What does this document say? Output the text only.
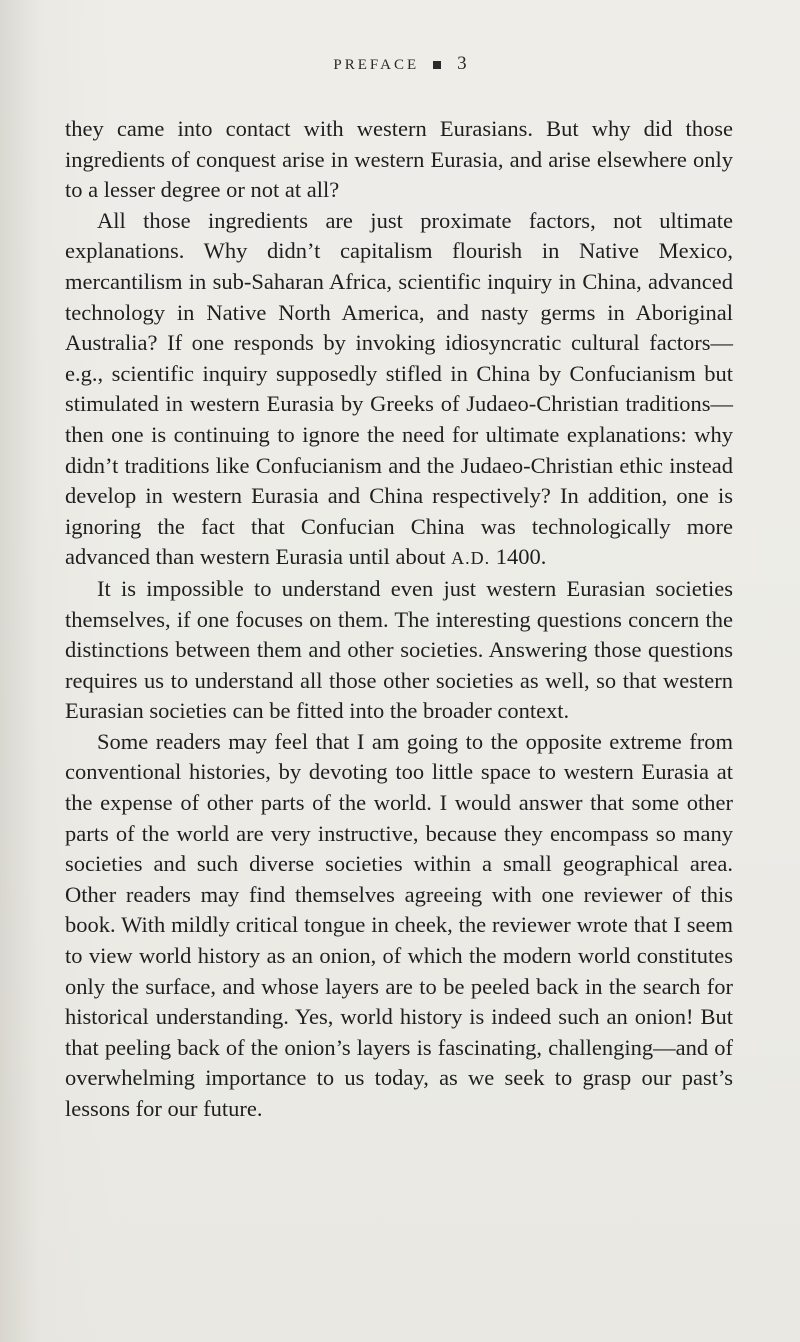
PREFACE 3

they came into contact with western Eurasians. But why did those ingredients of conquest arise in western Eurasia, and arise elsewhere only to a lesser degree or not at all?

All those ingredients are just proximate factors, not ultimate explanations. Why didn’t capitalism flourish in Native Mexico, mercantilism in sub-Saharan Africa, scientific inquiry in China, advanced technology in Native North America, and nasty germs in Aboriginal Australia? If one responds by invoking idiosyncratic cultural factors—e.g., scientific inquiry supposedly stifled in China by Confucianism but stimulated in western Eurasia by Greeks of Judaeo-Christian traditions—then one is continuing to ignore the need for ultimate explanations: why didn’t traditions like Confucianism and the Judaeo-Christian ethic instead develop in western Eurasia and China respectively? In addition, one is ignoring the fact that Confucian China was technologically more advanced than western Eurasia until about A.D. 1400.

It is impossible to understand even just western Eurasian societies themselves, if one focuses on them. The interesting questions concern the distinctions between them and other societies. Answering those questions requires us to understand all those other societies as well, so that western Eurasian societies can be fitted into the broader context.

Some readers may feel that I am going to the opposite extreme from conventional histories, by devoting too little space to western Eurasia at the expense of other parts of the world. I would answer that some other parts of the world are very instructive, because they encompass so many societies and such diverse societies within a small geographical area. Other readers may find themselves agreeing with one reviewer of this book. With mildly critical tongue in cheek, the reviewer wrote that I seem to view world history as an onion, of which the modern world constitutes only the surface, and whose layers are to be peeled back in the search for historical understanding. Yes, world history is indeed such an onion! But that peeling back of the onion’s layers is fascinating, challenging—and of overwhelming importance to us today, as we seek to grasp our past’s lessons for our future.
